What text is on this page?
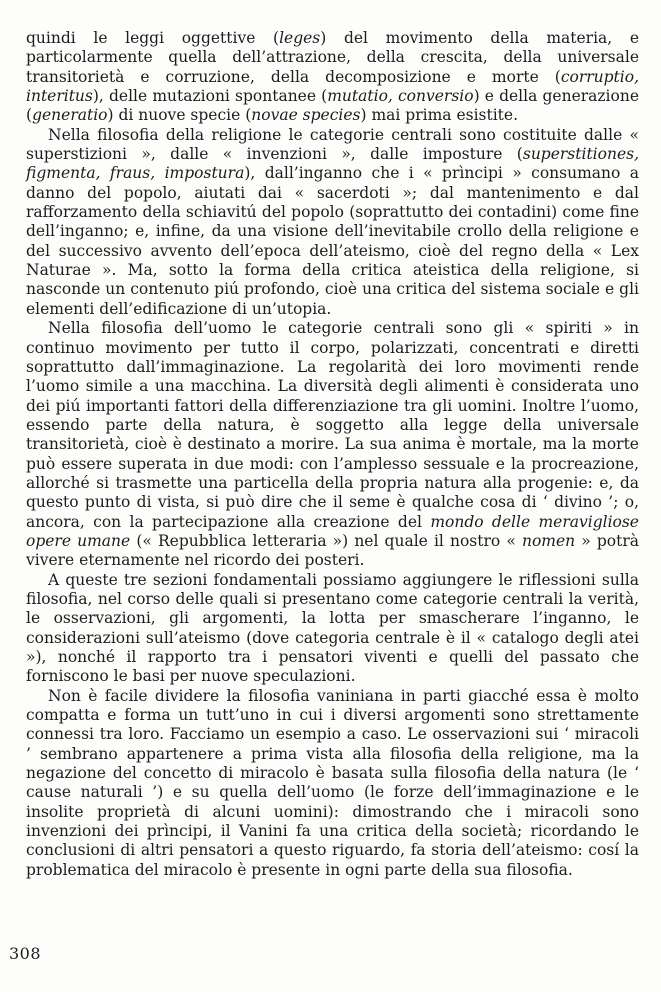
quindi le leggi oggettive (leges) del movimento della materia, e particolarmente quella dell’attrazione, della crescita, della universale transitorietà e corruzione, della decomposizione e morte (corruptio, interitus), delle mutazioni spontanee (mutatio, conversio) e della generazione (generatio) di nuove specie (novae species) mai prima esistite.

Nella filosofia della religione le categorie centrali sono costituite dalle « superstizioni », dalle « invenzioni », dalle imposture (superstitiones, figmenta, fraus, impostura), dall’inganno che i « prìncipi » consumano a danno del popolo, aiutati dai « sacerdoti »; dal mantenimento e dal rafforzamento della schiavitú del popolo (soprattutto dei contadini) come fine dell’inganno; e, infine, da una visione dell’inevitabile crollo della religione e del successivo avvento dell’epoca dell’ateismo, cioè del regno della « Lex Naturae ». Ma, sotto la forma della critica ateistica della religione, si nasconde un contenuto piú profondo, cioè una critica del sistema sociale e gli elementi dell’edificazione di un’utopia.

Nella filosofia dell’uomo le categorie centrali sono gli « spiriti » in continuo movimento per tutto il corpo, polarizzati, concentrati e diretti soprattutto dall’immaginazione. La regolarità dei loro movimenti rende l’uomo simile a una macchina. La diversità degli alimenti è considerata uno dei piú importanti fattori della differenziazione tra gli uomini. Inoltre l’uomo, essendo parte della natura, è soggetto alla legge della universale transitorietà, cioè è destinato a morire. La sua anima è mortale, ma la morte può essere superata in due modi: con l’amplesso sessuale e la procreazione, allorché si trasmette una particella della propria natura alla progenie: e, da questo punto di vista, si può dire che il seme è qualche cosa di ‘ divino ’; o, ancora, con la partecipazione alla creazione del mondo delle meravigliose opere umane (« Repubblica letteraria ») nel quale il nostro « nomen » potrà vivere eternamente nel ricordo dei posteri.

A queste tre sezioni fondamentali possiamo aggiungere le riflessioni sulla filosofia, nel corso delle quali si presentano come categorie centrali la verità, le osservazioni, gli argomenti, la lotta per smascherare l’inganno, le considerazioni sull’ateismo (dove categoria centrale è il « catalogo degli atei »), nonché il rapporto tra i pensatori viventi e quelli del passato che forniscono le basi per nuove speculazioni.

Non è facile dividere la filosofia vaniniana in parti giacché essa è molto compatta e forma un tutt’uno in cui i diversi argomenti sono strettamente connessi tra loro. Facciamo un esempio a caso. Le osservazioni sui ‘ miracoli ’ sembrano appartenere a prima vista alla filosofia della religione, ma la negazione del concetto di miracolo è basata sulla filosofia della natura (le ‘ cause naturali ’) e su quella dell’uomo (le forze dell’immaginazione e le insolite proprietà di alcuni uomini): dimostrando che i miracoli sono invenzioni dei prìncipi, il Vanini fa una critica della società; ricordando le conclusioni di altri pensatori a questo riguardo, fa storia dell’ateismo: cosí la problematica del miracolo è presente in ogni parte della sua filosofia.

308
